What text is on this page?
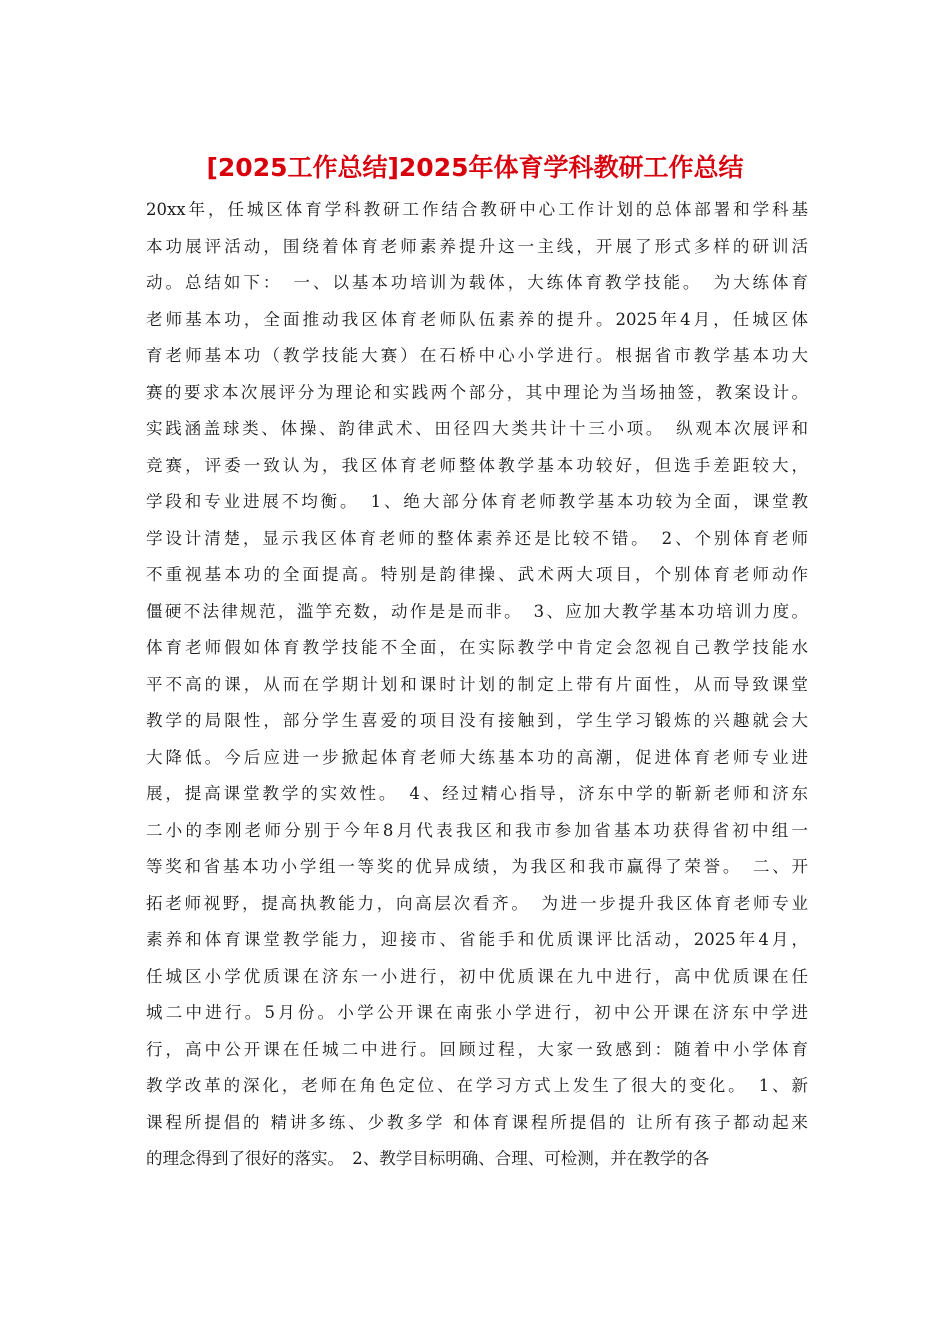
[2025工作总结]2025年体育学科教研工作总结
20xx年，任城区体育学科教研工作结合教研中心工作计划的总体部署和学科基
本功展评活动，围绕着体育老师素养提升这一主线，开展了形式多样的研训活
动。总结如下：　一、以基本功培训为载体，大练体育教学技能。　为大练体育
老师基本功，全面推动我区体育老师队伍素养的提升。2025年4月，任城区体
育老师基本功（教学技能大赛）在石桥中心小学进行。根据省市教学基本功大
赛的要求本次展评分为理论和实践两个部分，其中理论为当场抽签，教案设计。
实践涵盖球类、体操、韵律武术、田径四大类共计十三小项。　纵观本次展评和
竞赛，评委一致认为，我区体育老师整体教学基本功较好，但选手差距较大，
学段和专业进展不均衡。　1、绝大部分体育老师教学基本功较为全面，课堂教
学设计清楚，显示我区体育老师的整体素养还是比较不错。　2、个别体育老师
不重视基本功的全面提高。特别是韵律操、武术两大项目，个别体育老师动作
僵硬不法律规范，滥竽充数，动作是是而非。　3、应加大教学基本功培训力度。
体育老师假如体育教学技能不全面，在实际教学中肯定会忽视自己教学技能水
平不高的课，从而在学期计划和课时计划的制定上带有片面性，从而导致课堂
教学的局限性，部分学生喜爱的项目没有接触到，学生学习锻炼的兴趣就会大
大降低。今后应进一步掀起体育老师大练基本功的高潮，促进体育老师专业进
展，提高课堂教学的实效性。　4、经过精心指导，济东中学的靳新老师和济东
二小的李刚老师分别于今年8月代表我区和我市参加省基本功获得省初中组一
等奖和省基本功小学组一等奖的优异成绩，为我区和我市赢得了荣誉。　二、开
拓老师视野，提高执教能力，向高层次看齐。　为进一步提升我区体育老师专业
素养和体育课堂教学能力，迎接市、省能手和优质课评比活动，2025年4月，
任城区小学优质课在济东一小进行，初中优质课在九中进行，高中优质课在任
城二中进行。5月份。小学公开课在南张小学进行，初中公开课在济东中学进
行，高中公开课在任城二中进行。回顾过程，大家一致感到：随着中小学体育
教学改革的深化，老师在角色定位、在学习方式上发生了很大的变化。　1、新
课程所提倡的 精讲多练、少教多学 和体育课程所提倡的 让所有孩子都动起来
的理念得到了很好的落实。　2、教学目标明确、合理、可检测，并在教学的各
